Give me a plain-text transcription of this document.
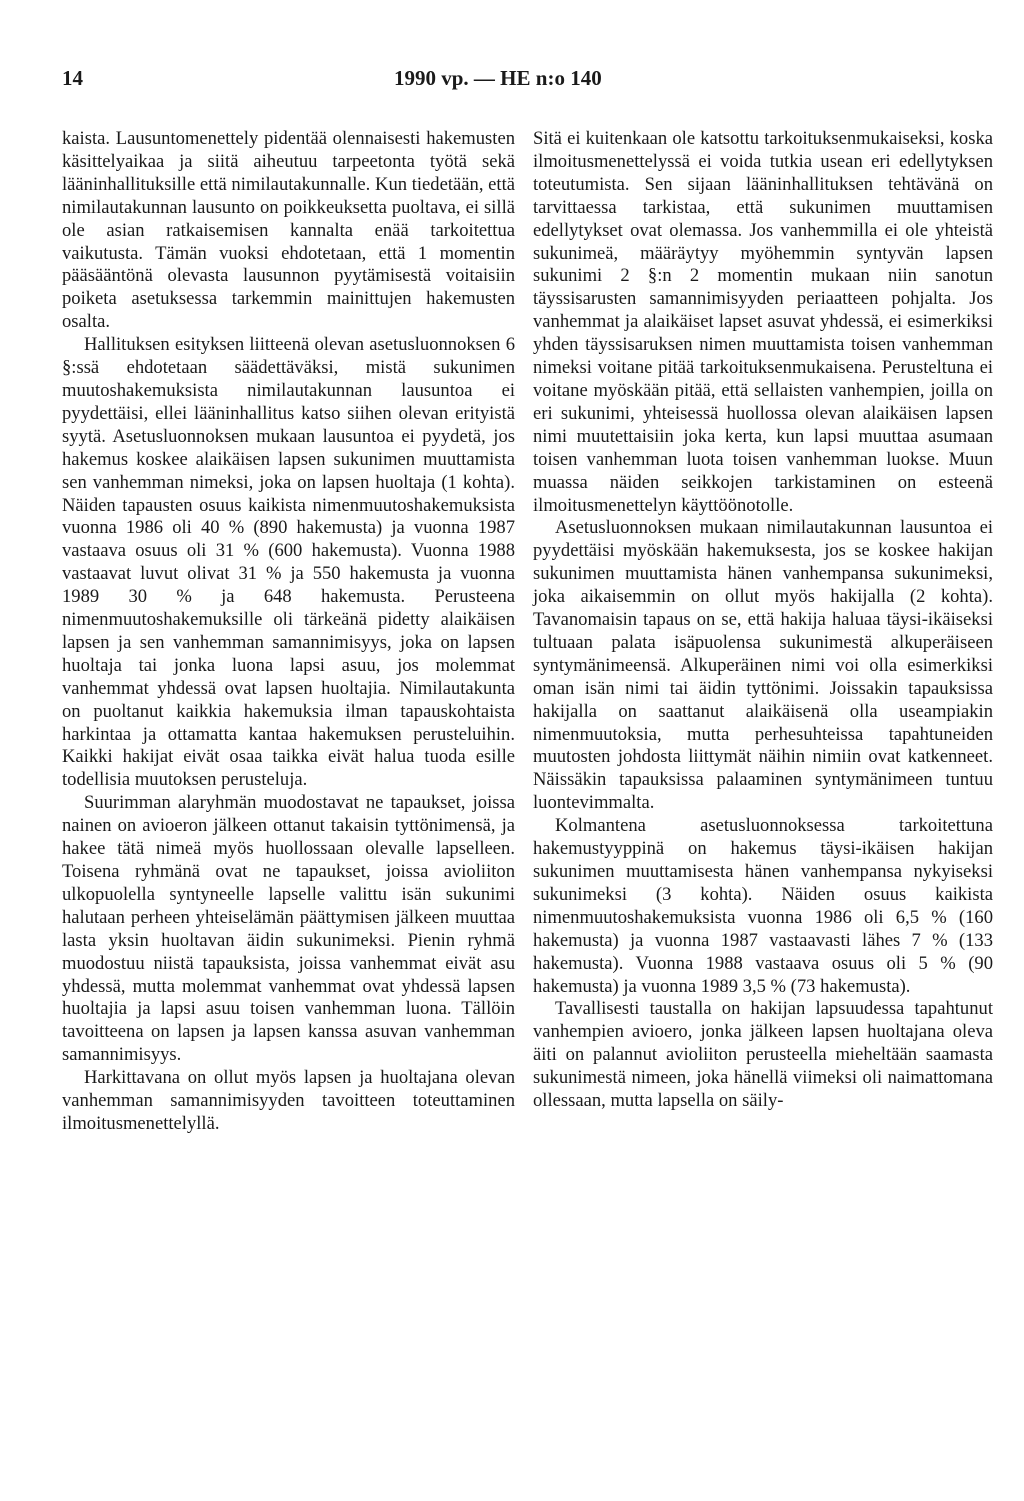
14	1990 vp. — HE n:o 140

kaista. Lausuntomenettely pidentää olennaisesti hakemusten käsittelyaikaa ja siitä aiheutuu tarpeetonta työtä sekä lääninhallituksille että nimilautakunnalle. Kun tiedetään, että nimilautakunnan lausunto on poikkeuksetta puoltava, ei sillä ole asian ratkaisemisen kannalta enää tarkoitettua vaikutusta. Tämän vuoksi ehdotetaan, että 1 momentin pääsääntönä olevasta lausunnon pyytämisestä voitaisiin poiketa asetuksessa tarkemmin mainittujen hakemusten osalta.

Hallituksen esityksen liitteenä olevan asetusluonnoksen 6 §:ssä ehdotetaan säädettäväksi, mistä sukunimen muutoshakemuksista nimilautakunnan lausuntoa ei pyydettäisi, ellei lääninhallitus katso siihen olevan erityistä syytä. Asetusluonnoksen mukaan lausuntoa ei pyydetä, jos hakemus koskee alaikäisen lapsen sukunimen muuttamista sen vanhemman nimeksi, joka on lapsen huoltaja (1 kohta). Näiden tapausten osuus kaikista nimenmuutoshakemuksista vuonna 1986 oli 40 % (890 hakemusta) ja vuonna 1987 vastaava osuus oli 31 % (600 hakemusta). Vuonna 1988 vastaavat luvut olivat 31 % ja 550 hakemusta ja vuonna 1989 30 % ja 648 hakemusta. Perusteena nimenmuutoshakemuksille oli tärkeänä pidetty alaikäisen lapsen ja sen vanhemman samannimisyys, joka on lapsen huoltaja tai jonka luona lapsi asuu, jos molemmat vanhemmat yhdessä ovat lapsen huoltajia. Nimilautakunta on puoltanut kaikkia hakemuksia ilman tapauskohtaista harkintaa ja ottamatta kantaa hakemuksen perusteluihin. Kaikki hakijat eivät osaa taikka eivät halua tuoda esille todellisia muutoksen perusteluja.

Suurimman alaryhmän muodostavat ne tapaukset, joissa nainen on avioeron jälkeen ottanut takaisin tyttönimensä, ja hakee tätä nimeä myös huollossaan olevalle lapselleen. Toisena ryhmänä ovat ne tapaukset, joissa avioliiton ulkopuolella syntyneelle lapselle valittu isän sukunimi halutaan perheen yhteiselämän päättymisen jälkeen muuttaa lasta yksin huoltavan äidin sukunimeksi. Pienin ryhmä muodostuu niistä tapauksista, joissa vanhemmat eivät asu yhdessä, mutta molemmat vanhemmat ovat yhdessä lapsen huoltajia ja lapsi asuu toisen vanhemman luona. Tällöin tavoitteena on lapsen ja lapsen kanssa asuvan vanhemman samannimisyys.

Harkittavana on ollut myös lapsen ja huoltajana olevan vanhemman samannimisyyden tavoitteen toteuttaminen ilmoitusmenettelyllä.

Sitä ei kuitenkaan ole katsottu tarkoituksenmukaiseksi, koska ilmoitusmenettelyssä ei voida tutkia usean eri edellytyksen toteutumista. Sen sijaan lääninhallituksen tehtävänä on tarvittaessa tarkistaa, että sukunimen muuttamisen edellytykset ovat olemassa. Jos vanhemmilla ei ole yhteistä sukunimeä, määräytyy myöhemmin syntyvän lapsen sukunimi 2 §:n 2 momentin mukaan niin sanotun täyssisarusten samannimisyyden periaatteen pohjalta. Jos vanhemmat ja alaikäiset lapset asuvat yhdessä, ei esimerkiksi yhden täyssisaruksen nimen muuttamista toisen vanhemman nimeksi voitane pitää tarkoituksenmukaisena. Perusteltuna ei voitane myöskään pitää, että sellaisten vanhempien, joilla on eri sukunimi, yhteisessä huollossa olevan alaikäisen lapsen nimi muutettaisiin joka kerta, kun lapsi muuttaa asumaan toisen vanhemman luota toisen vanhemman luokse. Muun muassa näiden seikkojen tarkistaminen on esteenä ilmoitusmenettelyn käyttöönotolle.

Asetusluonnoksen mukaan nimilautakunnan lausuntoa ei pyydettäisi myöskään hakemuksesta, jos se koskee hakijan sukunimen muuttamista hänen vanhempansa sukunimeksi, joka aikaisemmin on ollut myös hakijalla (2 kohta). Tavanomaisin tapaus on se, että hakija haluaa täysi-ikäiseksi tultuaan palata isäpuolensa sukunimestä alkuperäiseen syntymänimeensä. Alkuperäinen nimi voi olla esimerkiksi oman isän nimi tai äidin tyttönimi. Joissakin tapauksissa hakijalla on saattanut alaikäisenä olla useampiakin nimenmuutoksia, mutta perhesuhteissa tapahtuneiden muutosten johdosta liittymät näihin nimiin ovat katkenneet. Näissäkin tapauksissa palaaminen syntymänimeen tuntuu luontevimmalta.

Kolmantena asetusluonnoksessa tarkoitettuna hakemustyyppinä on hakemus täysi-ikäisen hakijan sukunimen muuttamisesta hänen vanhempansa nykyiseksi sukunimeksi (3 kohta). Näiden osuus kaikista nimenmuutoshakemuksista vuonna 1986 oli 6,5 % (160 hakemusta) ja vuonna 1987 vastaavasti lähes 7 % (133 hakemusta). Vuonna 1988 vastaava osuus oli 5 % (90 hakemusta) ja vuonna 1989 3,5 % (73 hakemusta).

Tavallisesti taustalla on hakijan lapsuudessa tapahtunut vanhempien avioero, jonka jälkeen lapsen huoltajana oleva äiti on palannut avioliiton perusteella mieheltään saamasta sukunimestä nimeen, joka hänellä viimeksi oli naimattomana ollessaan, mutta lapsella on säily-
